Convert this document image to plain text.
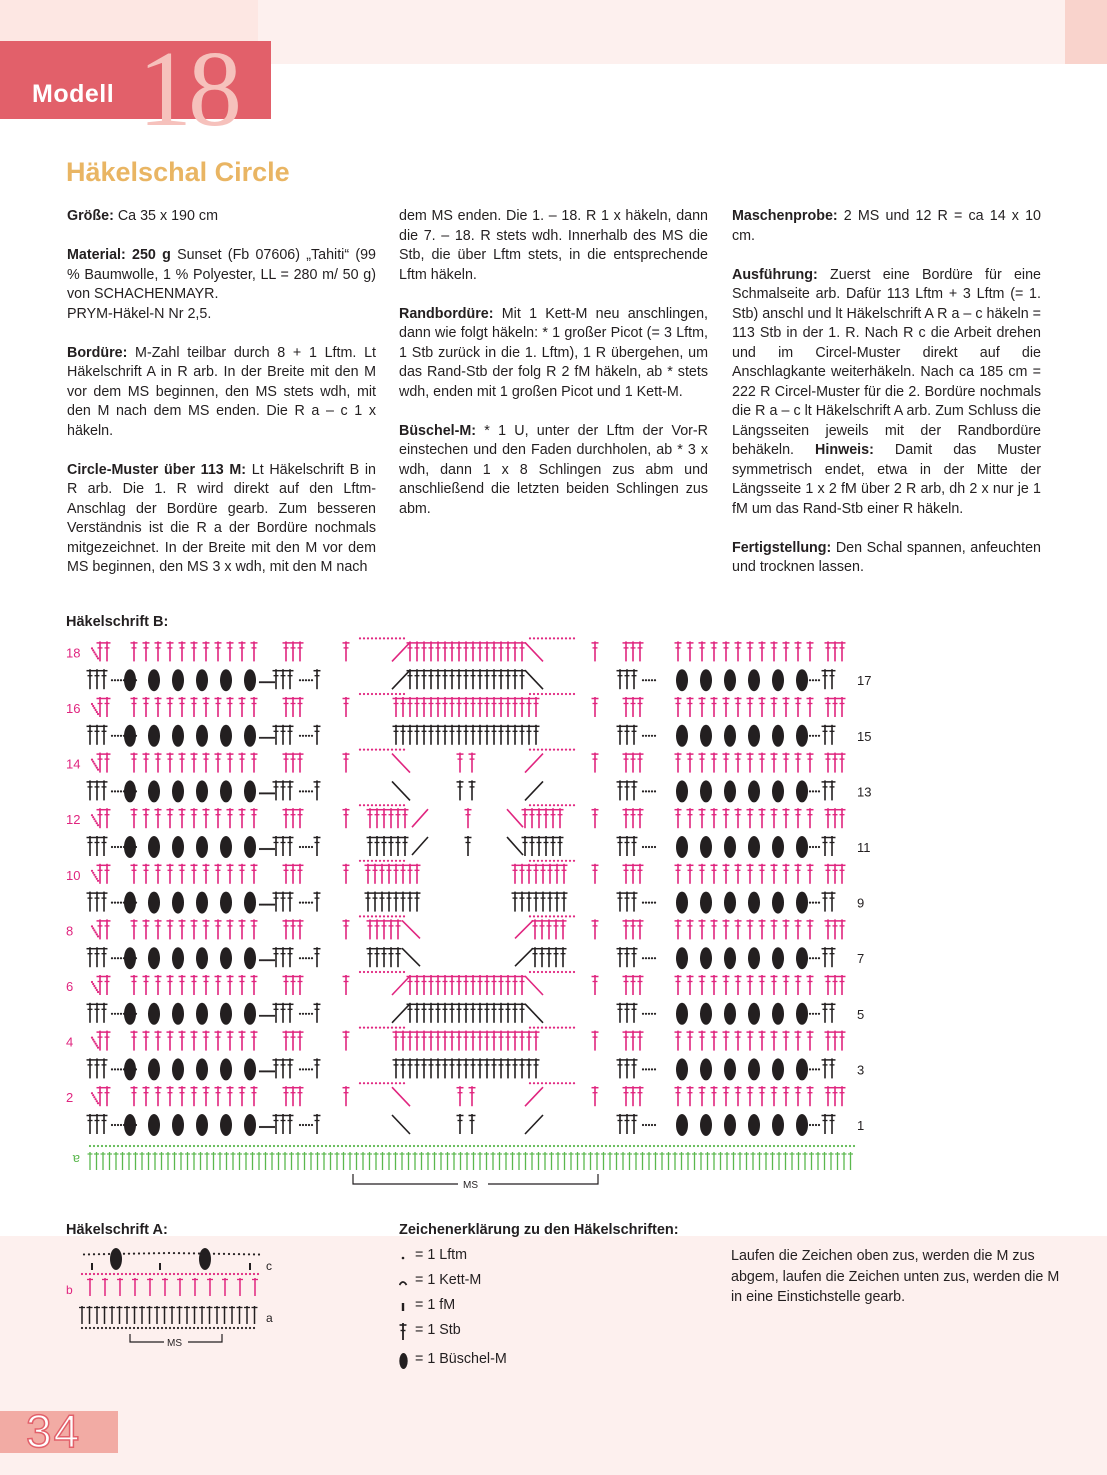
Modell 18
Häkelschal Circle

Größe: Ca 35 x 190 cm

Material: 250 g Sunset (Fb 07606) „Tahiti“ (99 % Baumwolle, 1 % Polyester, LL = 280 m/ 50 g) von SCHACHENMAYR.
PRYM-Häkel-N Nr 2,5.

Bordüre: M-Zahl teilbar durch 8 + 1 Lftm. Lt Häkelschrift A in R arb. In der Breite mit den M vor dem MS beginnen, den MS stets wdh, mit den M nach dem MS enden. Die R a – c 1 x häkeln.

Circle-Muster über 113 M: Lt Häkelschrift B in R arb. Die 1. R wird direkt auf den Lftm-Anschlag der Bordüre gearb. Zum besseren Verständnis ist die R a der Bordüre nochmals mitgezeichnet. In der Breite mit den M vor dem MS beginnen, den MS 3 x wdh, mit den M nach

Maschenprobe: 2 MS und 12 R = ca 14 x 10 cm.

Ausführung: Zuerst eine Bordüre für eine Schmalseite arb. Dafür 113 Lftm + 3 Lftm (= 1. Stb) anschl und lt Häkelschrift A R a – c häkeln = 113 Stb in der 1. R. Nach R c die Arbeit drehen und im Circel-Muster direkt auf die Anschlagkante weiterhäkeln. Nach ca 185 cm = 222 R Circel-Muster für die 2. Bordüre nochmals die R a – c lt Häkelschrift A arb. Zum Schluss die Längsseiten jeweils mit der Randbordüre behäkeln. Hinweis: Damit das Muster symmetrisch endet, etwa in der Mitte der Längsseite 1 x 2 fM über 2 R arb, dh 2 x nur je 1 fM um das Rand-Stb einer R häkeln.

Fertigstellung: Den Schal spannen, anfeuchten und trocknen lassen.

dem MS enden. Die 1. – 18. R 1 x häkeln, dann die 7. – 18. R stets wdh. Innerhalb des MS die Stb, die über Lftm stets, in die entsprechende Lftm häkeln.

Randbordüre: Mit 1 Kett-M neu anschlingen, dann wie folgt häkeln: * 1 großer Picot (= 3 Lftm, 1 Stb zurück in die 1. Lftm), 1 R übergehen, um das Rand-Stb der folg R 2 fM häkeln, ab * stets wdh, enden mit 1 großen Picot und 1 Kett-M.

Büschel-M: * 1 U, unter der Lftm der Vor-R einstechen und den Faden durchholen, ab * 3 x wdh, dann 1 x 8 Schlingen zus abm und anschließend die letzten beiden Schlingen zus abm.

Häkelschrift B:
2
4
6
8
10
12
14
16
18
1
3
5
7
9
11
13
15
17
a
MS
Häkelschrift A:
a
b
c
MS
Zeichenerklärung zu den Häkelschriften:
= 1 Lftm
= 1 Kett-M
= 1 fM
= 1 Stb
= 1 Büschel-M
Laufen die Zeichen oben zus, werden die M zus abgem, laufen die Zeichen unten zus, werden die M in eine Einstichstelle gearb.
34
